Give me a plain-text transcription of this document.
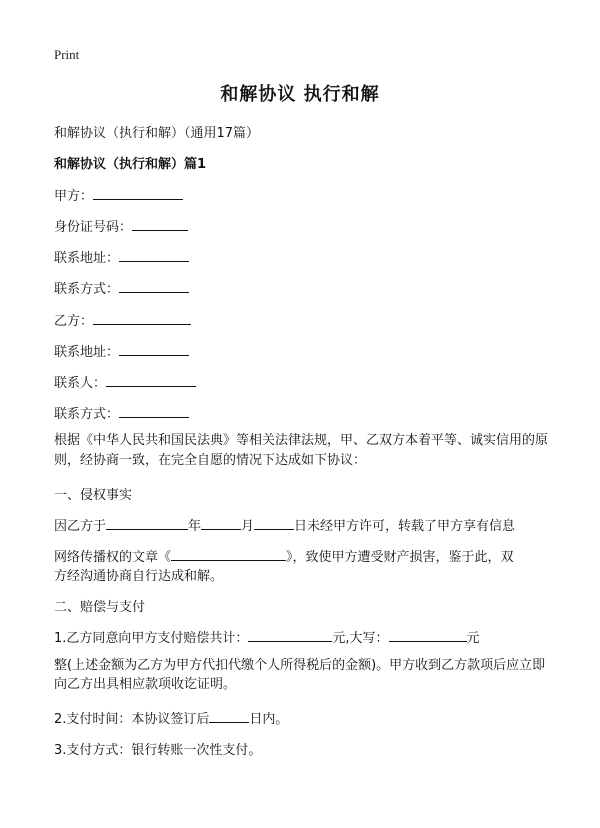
Print
和解协议 执行和解
和解协议（执行和解）（通用17篇）
和解协议（执行和解）篇1
甲方：
身份证号码：
联系地址：
联系方式：
乙方：
联系地址：
联系人：
联系方式：

根据《中华人民共和国民法典》等相关法律法规，甲、乙双方本着平等、诚实信用的原则，经协商一致，在完全自愿的情况下达成如下协议：

一、侵权事实
因乙方于	年	月	日未经甲方许可，转载了甲方享有信息
网络传播权的文章《	》，致使甲方遭受财产损害，鉴于此，双
方经沟通协商自行达成和解。
二、赔偿与支付
1.乙方同意向甲方支付赔偿共计：	元,大写：	元

整(上述金额为乙方为甲方代扣代缴个人所得税后的金额)。甲方收到乙方款项后应立即向乙方出具相应款项收讫证明。

2.支付时间：本协议签订后	日内。
3.支付方式：银行转账一次性支付。
